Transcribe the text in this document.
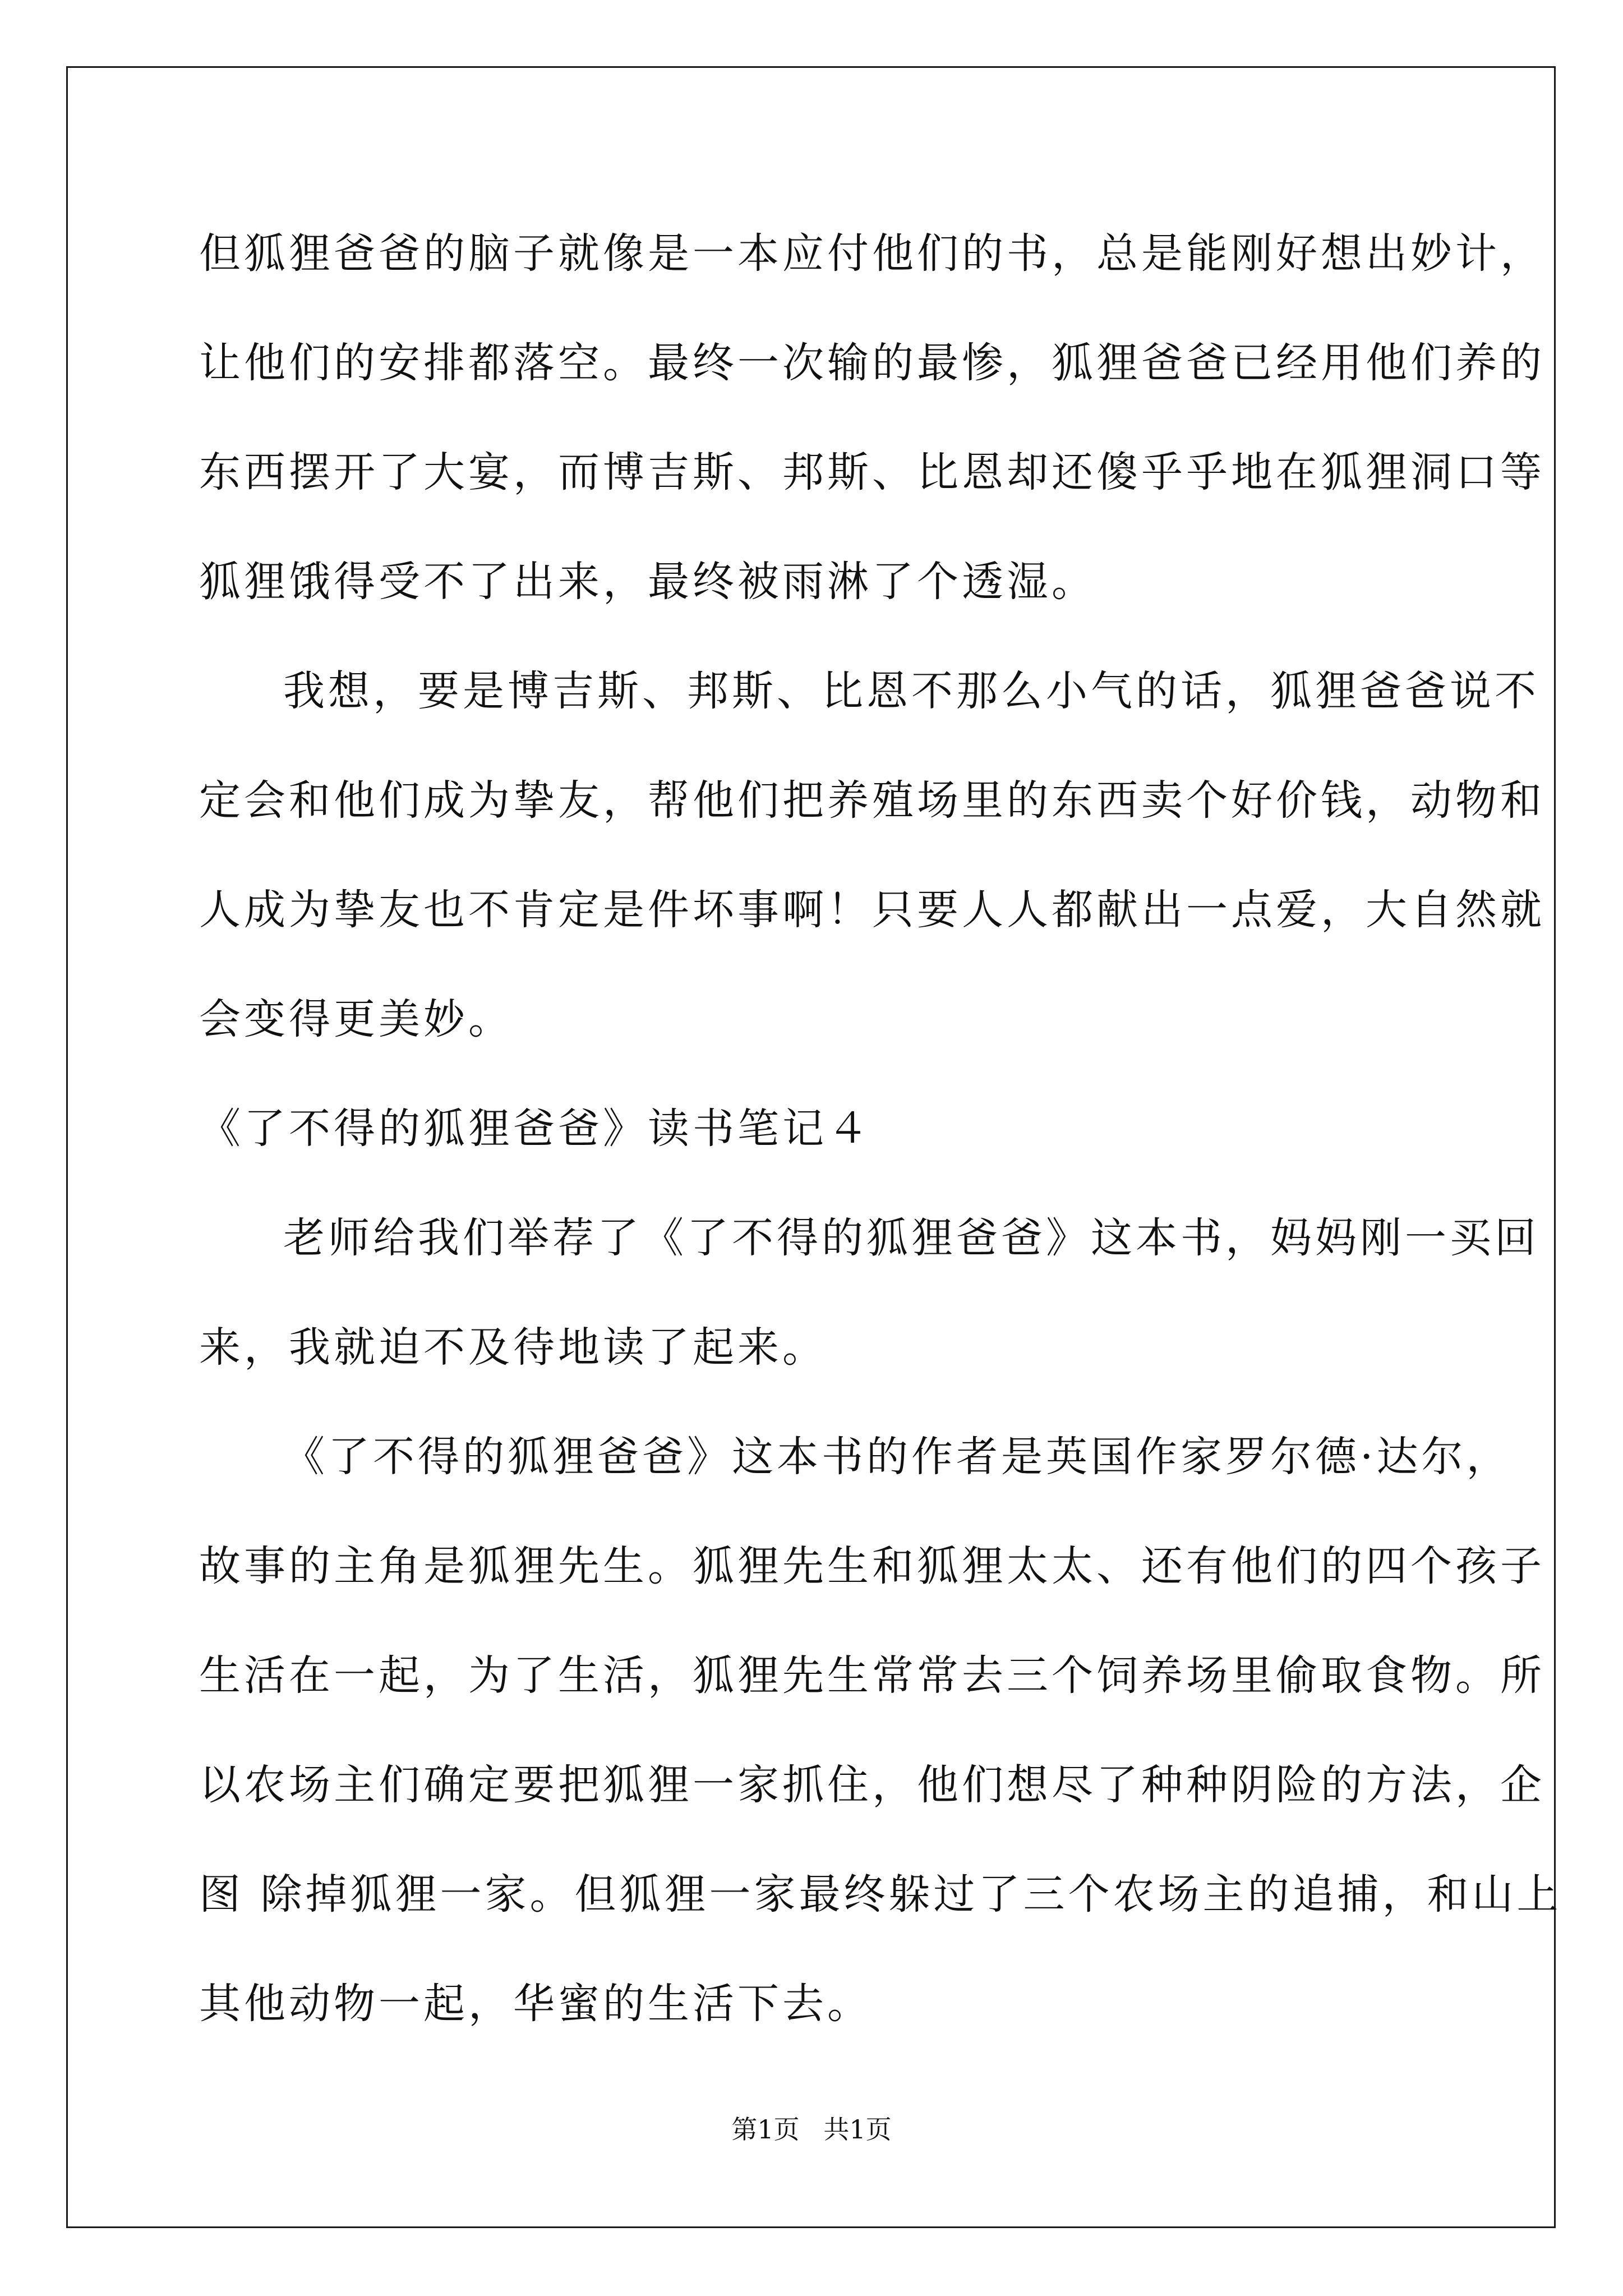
但狐狸爸爸的脑子就像是一本应付他们的书，总是能刚好想出妙计，

让他们的安排都落空。最终一次输的最惨，狐狸爸爸已经用他们养的

东西摆开了大宴，而博吉斯、邦斯、比恩却还傻乎乎地在狐狸洞口等

狐狸饿得受不了出来，最终被雨淋了个透湿。

我想，要是博吉斯、邦斯、比恩不那么小气的话，狐狸爸爸说不

定会和他们成为挚友，帮他们把养殖场里的东西卖个好价钱，动物和

人成为挚友也不肯定是件坏事啊！只要人人都献出一点爱，大自然就

会变得更美妙。

《了不得的狐狸爸爸》读书笔记４

老师给我们举荐了《了不得的狐狸爸爸》这本书，妈妈刚一买回

来，我就迫不及待地读了起来。

《了不得的狐狸爸爸》这本书的作者是英国作家罗尔德·达尔，

故事的主角是狐狸先生。狐狸先生和狐狸太太、还有他们的四个孩子

生活在一起，为了生活，狐狸先生常常去三个饲养场里偷取食物。所

以农场主们确定要把狐狸一家抓住，他们想尽了种种阴险的方法，企

图 除掉狐狸一家。但狐狸一家最终躲过了三个农场主的追捕，和山上

其他动物一起，华蜜的生活下去。

第1页 共1页
